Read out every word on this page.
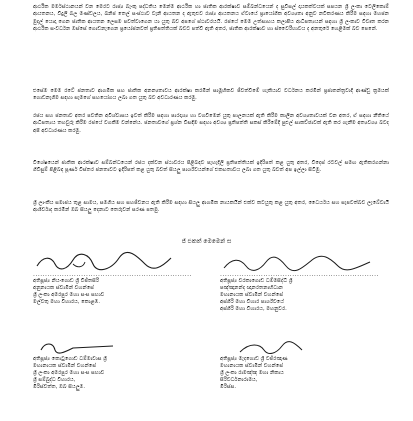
ආර්ථික මර්මස්ථානයන් වන මෙරට රාජ්‍ය බැංකු පද්ධතිය මෙන්ම ආර්ථික හා ජාතික ආරක්ෂාව සම්බන්ධයෙන් ද සුවිසල් දායකත්වයක් සපයන ශ්‍රී ලංකා ටෙලිකොම් ආයතනය, විදුලි බල මණ්ඩලය, ඛනිජ තෙල් සංස්ථාව වැනි ආයතන ද ඇතුළුව රාජ්‍ය ආයතනය ඒවායේ ප්‍රායෝගික අවශ්‍යතා අනුව නවීකරණය කිරීම සඳහා මහජන මුදල් යොදා ගෙන ජාතික ආයතන ලෙසම පවත්වාගෙන යා යුතු බව අපගේ ස්ථාවරයයි. රජයේ මෙම උත්සාහය කලාපීය ආධිපත්‍යයන් සඳහා ශ්‍රී ලංකාව විවෘත කරන ආර්ථික සංවර්ධන ඔස්සේ ගොඩනැගෙන ප්‍රයෝජනවත් ප්‍රතිපත්තියක් බවට පත්වී ඇති අතර, ජාතික ආරක්ෂාව හා ස්වෛරීභාවය ද අනතුරේ හෙළීමක් බව පෙනේ.

එසේම මෙම රටේ ජනතාව ආගමික සහ ජාතික අනන්‍යතාවය ආරක්ෂා කරමින් සාමූහිකව ජීවත්වීමේ හැකියාව වර්ධනය කරමින් ප්‍රජාතන්ත්‍රවාදී ආණ්ඩු ක්‍රමයක් ගොඩනැගීම සඳහා සැමගේ සහයෝගය ලබා ගත යුතු බව අවධාරණය කරමු.

රජය සහ ජනතාව අතර පවතින අවිශ්වාසය ඉවත් කිරීම සඳහා පාරදෘශ්‍ය හා වගවීමෙන් යුතු පාලනයක් ඇති කිරීම කාලීන අවශ්‍යතාවයක් වන අතර, ඒ සඳහා නීතියේ ආධිපත්‍යය තහවුරු කිරීම රජයේ වගකීම වන්නේය. ජනතාවගේ ප්‍රශ්න විසඳීම සඳහා අවශ්‍ය ප්‍රතිපත්ති සකස් කිරීමේදී පුළුල් සාකච්ඡාවක් ඇති කර ගැනීම අත්‍යවශ්‍ය බවද අපි අවධාරණය කරමු.

විශේෂයෙන් ජාතික ආරක්ෂාව සම්බන්ධයෙන් රජය දක්වන ස්ථාවරය පිළිබඳව පැහැදිලි ප්‍රතිපත්තියක් ඉදිරිපත් කළ යුතු අතර, විදෙස් රටවල් සමඟ ඇතිකරගන්නා ගිවිසුම් පිළිබඳ පූර්ණ විස්තර ජනතාවට ඉදිරිපත් කළ යුතු බවත් සියලු පාර්ශ්වයන්ගේ එකඟතාවය ලබා ගත යුතු බවත් අප ඉල්ලා සිටිමු.

ශ්‍රී ලාංකීය සමාජය තුළ සාමය, සමගිය සහ සහජීවනය ඇති කිරීම සඳහා සියලු ආගමික නායකයින් එක්ව කටයුතු කළ යුතු අතර, ධෛර්යය සහ සැපවත්බව ලැබේවායි ආශීර්වාද කරමින් ඔබ සියලු දෙනාට තෙරුවන් සරණ පතමු.

ජ් එකත් මෙමෙන් ස
..................................................................

අතිපූජ්‍ය නියංගොඩ ශ්‍රී විජිතසිරි

අනුනායක ස්වාමීන් වහන්සේ

ශ්‍රී ලංකා අමරපුර මහා සංඝ සභාව

මල්වතු මහා විහාරය, කොළඹ.

..................................................................

අතිපූජ්‍ය වරකාගොඩ ධම්මසිද්ධි ශ්‍රී

පඤ්ඤානන්ද ඥානරතනාභිධාන

මහානායක ස්වාමීන් වහන්සේ

අස්ගිරි මහා විහාර පාර්ශ්වයේ

අස්ගිරි මහා විහාරය, මහනුවර.

අතිපූජ්‍ය කොටුගොඩ ධම්මාවාස ශ්‍රී

මහානායක ස්වාමීන් වහන්සේ

ශ්‍රී ලංකා අමරපුර මහා සංඝ සභාව

ශ්‍රී සම්බුද්ධ විහාරය,

මිරිස්වත්ත, ඔබ සියලුම.

අතිපූජ්‍ය මැදගොඩ ශ්‍රී වජිරඤාණ

මහානායක ස්වාමීන් වහන්සේ

ශ්‍රී ලංකා රාමඤ්ඤ මහා නිකාය

සිරිවර්ධනාරාමය,

මිරිස්ස.
